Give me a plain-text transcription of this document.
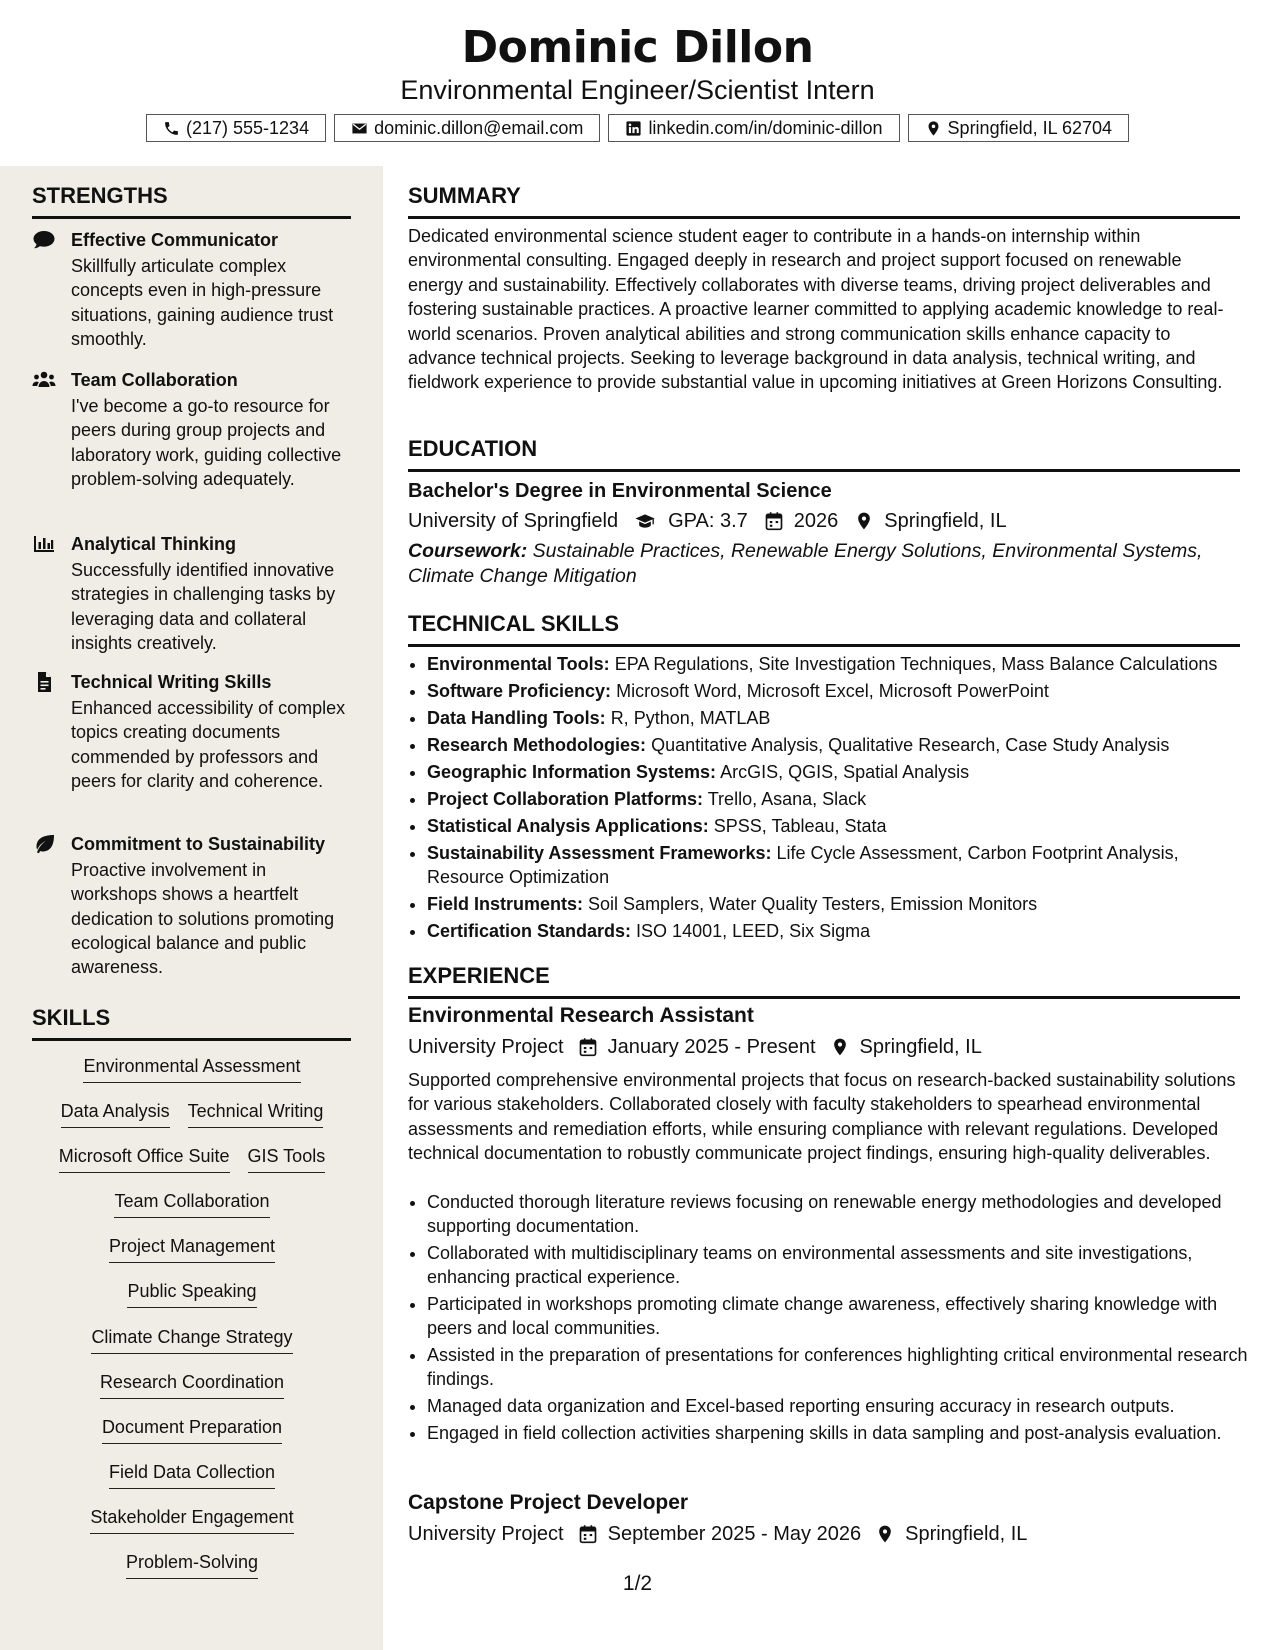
Dominic Dillon
Environmental Engineer/Scientist Intern
(217) 555-1234	dominic.dillon@email.com	linkedin.com/in/dominic-dillon	Springfield, IL 62704
STRENGTHS
Effective Communicator
Skillfully articulate complex concepts even in high-pressure situations, gaining audience trust smoothly.
Team Collaboration
I've become a go-to resource for peers during group projects and laboratory work, guiding collective problem-solving adequately.
Analytical Thinking
Successfully identified innovative strategies in challenging tasks by leveraging data and collateral insights creatively.
Technical Writing Skills
Enhanced accessibility of complex topics creating documents commended by professors and peers for clarity and coherence.
Commitment to Sustainability
Proactive involvement in workshops shows a heartfelt dedication to solutions promoting ecological balance and public awareness.
SKILLS
Environmental Assessment
Data Analysis Technical Writing
Microsoft Office Suite GIS Tools
Team Collaboration
Project Management
Public Speaking
Climate Change Strategy
Research Coordination
Document Preparation
Field Data Collection
Stakeholder Engagement
Problem-Solving
SUMMARY
Dedicated environmental science student eager to contribute in a hands-on internship within environmental consulting. Engaged deeply in research and project support focused on renewable energy and sustainability. Effectively collaborates with diverse teams, driving project deliverables and fostering sustainable practices. A proactive learner committed to applying academic knowledge to real-world scenarios. Proven analytical abilities and strong communication skills enhance capacity to advance technical projects. Seeking to leverage background in data analysis, technical writing, and fieldwork experience to provide substantial value in upcoming initiatives at Green Horizons Consulting.
EDUCATION
Bachelor's Degree in Environmental Science
University of Springfield	GPA: 3.7 2026 Springfield, IL
Coursework: Sustainable Practices, Renewable Energy Solutions, Environmental Systems, Climate Change Mitigation
TECHNICAL SKILLS
• Environmental Tools: EPA Regulations, Site Investigation Techniques, Mass Balance Calculations
• Software Proficiency: Microsoft Word, Microsoft Excel, Microsoft PowerPoint
• Data Handling Tools: R, Python, MATLAB
• Research Methodologies: Quantitative Analysis, Qualitative Research, Case Study Analysis
• Geographic Information Systems: ArcGIS, QGIS, Spatial Analysis
• Project Collaboration Platforms: Trello, Asana, Slack
• Statistical Analysis Applications: SPSS, Tableau, Stata
• Sustainability Assessment Frameworks: Life Cycle Assessment, Carbon Footprint Analysis, Resource Optimization
• Field Instruments: Soil Samplers, Water Quality Testers, Emission Monitors
• Certification Standards: ISO 14001, LEED, Six Sigma
EXPERIENCE
Environmental Research Assistant
University Project January 2025 - Present Springfield, IL
Supported comprehensive environmental projects that focus on research-backed sustainability solutions for various stakeholders. Collaborated closely with faculty stakeholders to spearhead environmental assessments and remediation efforts, while ensuring compliance with relevant regulations. Developed technical documentation to robustly communicate project findings, ensuring high-quality deliverables.
• Conducted thorough literature reviews focusing on renewable energy methodologies and developed supporting documentation.
• Collaborated with multidisciplinary teams on environmental assessments and site investigations, enhancing practical experience.
• Participated in workshops promoting climate change awareness, effectively sharing knowledge with peers and local communities.
• Assisted in the preparation of presentations for conferences highlighting critical environmental research findings.
• Managed data organization and Excel-based reporting ensuring accuracy in research outputs.
• Engaged in field collection activities sharpening skills in data sampling and post-analysis evaluation.
Capstone Project Developer
University Project September 2025 - May 2026 Springfield, IL
1/2
